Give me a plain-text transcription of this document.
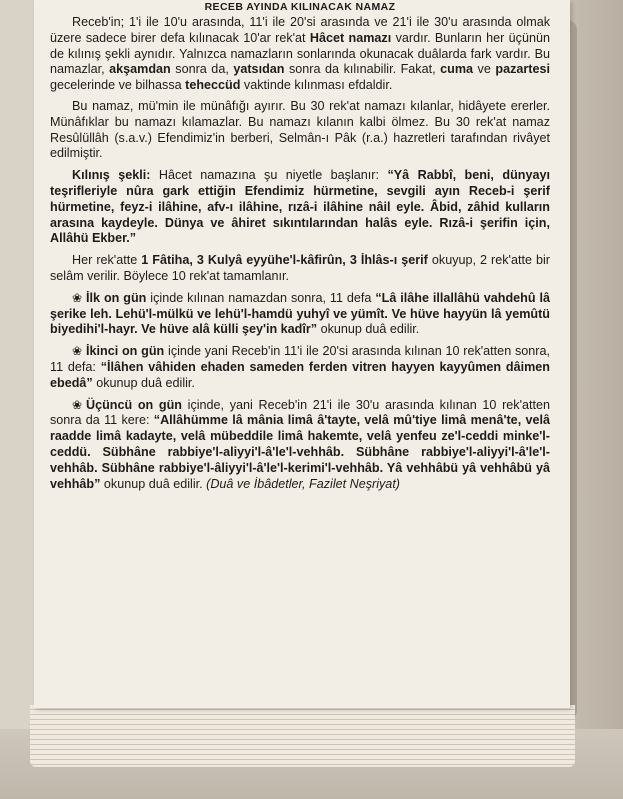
RECEB AYINDA KILINACAK NAMAZ

Receb'in; 1'i ile 10'u arasında, 11'i ile 20'si arasında ve 21'i ile 30'u arasında olmak üzere sadece birer defa kılınacak 10'ar rek'at Hâcet namazı vardır. Bunların her üçünün de kılınış şekli aynıdır. Yalnızca namazların sonlarında okunacak duâlarda fark vardır. Bu namazlar, akşamdan sonra da, yatsıdan sonra da kılınabilir. Fakat, cuma ve pazartesi gecelerinde ve bilhassa teheccüd vaktinde kılınması efdaldir.

Bu namaz, mü'min ile münâfığı ayırır. Bu 30 rek'at namazı kılanlar, hidâyete ererler. Münâfıklar bu namazı kılamazlar. Bu namazı kılanın kalbi ölmez. Bu 30 rek'at namaz Resûlüllâh (s.a.v.) Efendimiz'in berberi, Selmân-ı Pâk (r.a.) hazretleri tarafından rivâyet edilmiştir.

Kılınış şekli: Hâcet namazına şu niyetle başlanır: “Yâ Rabbî, beni, dünyayı teşrifleriyle nûra gark ettiğin Efendimiz hürmetine, sevgili ayın Receb-i şerif hürmetine, feyz-i ilâhine, afv-ı ilâhine, rızâ-i ilâhine nâil eyle. Âbid, zâhid kulların arasına kaydeyle. Dünya ve âhiret sıkıntılarından halâs eyle. Rızâ-i şerifin için, Allâhü Ekber.”

Her rek'atte 1 Fâtiha, 3 Kulyâ eyyühe'l-kâfirûn, 3 İhlâs-ı şerif okuyup, 2 rek'atte bir selâm verilir. Böylece 10 rek'at tamamlanır.

❀ İlk on gün içinde kılınan namazdan sonra, 11 defa “Lâ ilâhe illallâhü vahdehû lâ şerike leh. Lehü'l-mülkü ve lehü'l-hamdü yuhyî ve yümît. Ve hüve hayyün lâ yemûtü biyedihi'l-hayr. Ve hüve alâ külli şey'in kadîr” okunup duâ edilir.

❀ İkinci on gün içinde yani Receb'in 11'i ile 20'si arasında kılınan 10 rek'atten sonra, 11 defa: “İlâhen vâhiden ehaden sameden ferden vitren hayyen kayyûmen dâimen ebedâ” okunup duâ edilir.

❀ Üçüncü on gün içinde, yani Receb'in 21'i ile 30'u arasında kılınan 10 rek'atten sonra da 11 kere: “Allâhümme lâ mânia limâ â'tayte, velâ mû'tiye limâ menâ'te, velâ raadde limâ kadayte, velâ mübeddile limâ hakemte, velâ yenfeu ze'l-ceddi minke'l-ceddü. Sübhâne rabbiye'l-aliyyi'l-â'le'l-vehhâb. Sübhâne rabbiye'l-aliyyi'l-â'le'l-vehhâb. Sübhâne rabbiye'l-âliyyi'l-â'le'l-kerimi'l-vehhâb. Yâ vehhâbü yâ vehhâbü yâ vehhâb” okunup duâ edilir. (Duâ ve İbâdetler, Fazilet Neşriyat)
